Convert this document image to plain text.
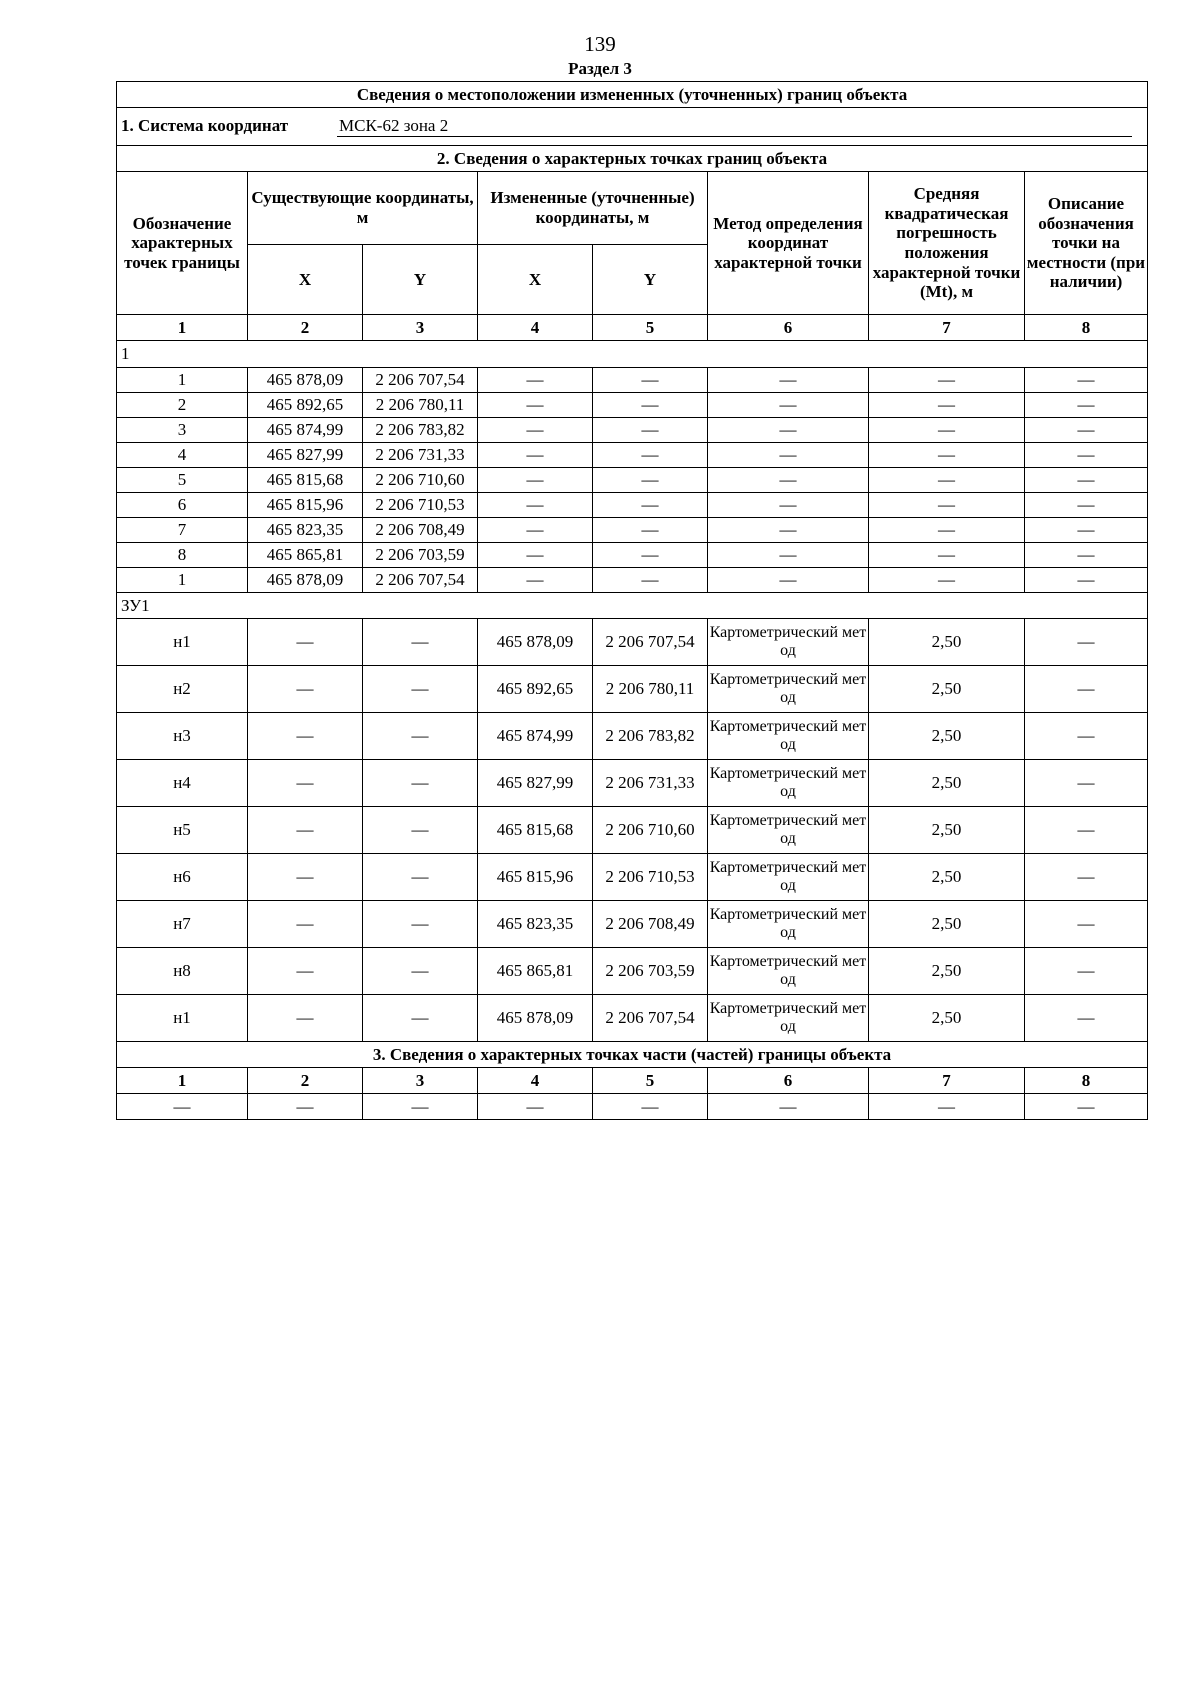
139
Раздел 3
Сведения о местоположении измененных (уточненных) границ объекта							
1. Система координат МСК-62 зона 2							
2. Сведения о характерных точках границ объекта							
Обозначение характерных точек границы	Существующие координаты, м		Измененные (уточненные) координаты, м		Метод определения координат характерной точки	Средняя квадратическая погрешность положения характерной точки (Mt), м	Описание обозначения точки на местности (при наличии)
	X	Y	X	Y			
1	2	3	4	5	6	7	8
1							
1	465 878,09	2 206 707,54	—	—	—	—	—
2	465 892,65	2 206 780,11	—	—	—	—	—
3	465 874,99	2 206 783,82	—	—	—	—	—
4	465 827,99	2 206 731,33	—	—	—	—	—
5	465 815,68	2 206 710,60	—	—	—	—	—
6	465 815,96	2 206 710,53	—	—	—	—	—
7	465 823,35	2 206 708,49	—	—	—	—	—
8	465 865,81	2 206 703,59	—	—	—	—	—
1	465 878,09	2 206 707,54	—	—	—	—	—
ЗУ1							
н1	—	—	465 878,09	2 206 707,54	Картометрический метод	2,50	—
н2	—	—	465 892,65	2 206 780,11	Картометрический метод	2,50	—
н3	—	—	465 874,99	2 206 783,82	Картометрический метод	2,50	—
н4	—	—	465 827,99	2 206 731,33	Картометрический метод	2,50	—
н5	—	—	465 815,68	2 206 710,60	Картометрический метод	2,50	—
н6	—	—	465 815,96	2 206 710,53	Картометрический метод	2,50	—
н7	—	—	465 823,35	2 206 708,49	Картометрический метод	2,50	—
н8	—	—	465 865,81	2 206 703,59	Картометрический метод	2,50	—
н1	—	—	465 878,09	2 206 707,54	Картометрический метод	2,50	—
3. Сведения о характерных точках части (частей) границы объекта							
1	2	3	4	5	6	7	8
—	—	—	—	—	—	—	—
